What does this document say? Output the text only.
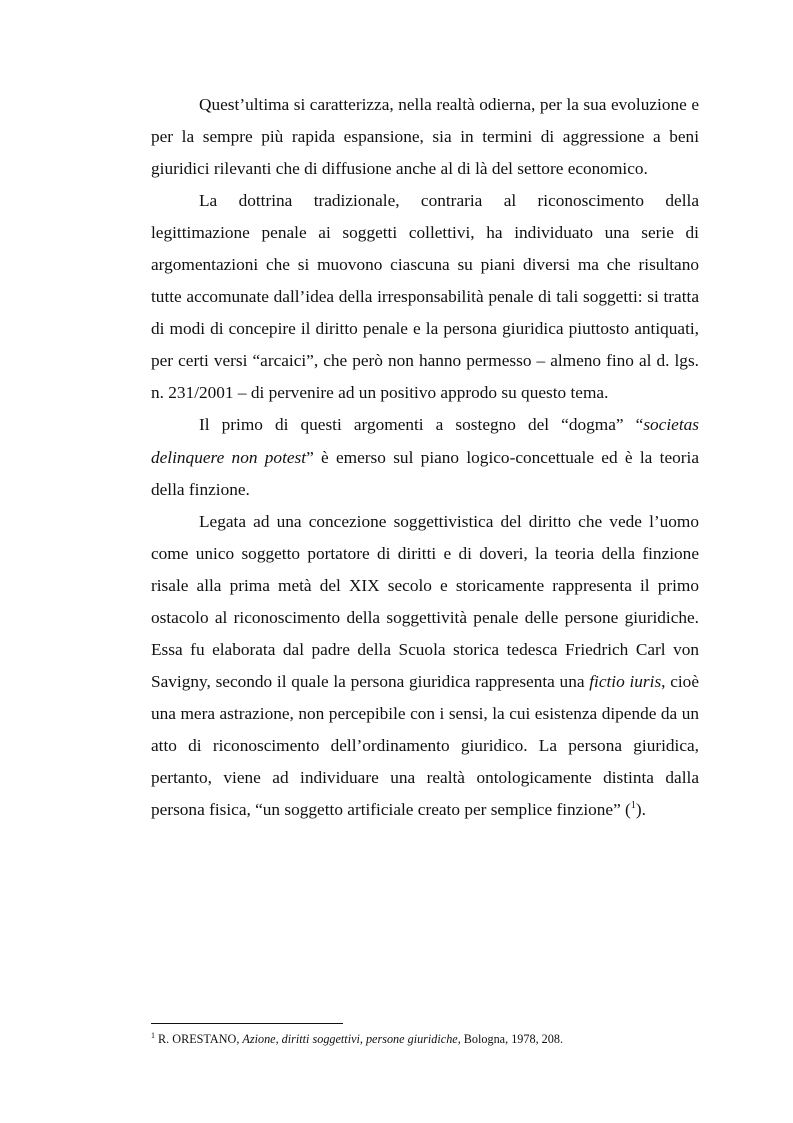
Quest’ultima si caratterizza, nella realtà odierna, per la sua evoluzione e per la sempre più rapida espansione, sia in termini di aggressione a beni giuridici rilevanti che di diffusione anche al di là del settore economico.

La dottrina tradizionale, contraria al riconoscimento della legittimazione penale ai soggetti collettivi, ha individuato una serie di argomentazioni che si muovono ciascuna su piani diversi ma che risultano tutte accomunate dall’idea della irresponsabilità penale di tali soggetti: si tratta di modi di concepire il diritto penale e la persona giuridica piuttosto antiquati, per certi versi “arcaici”, che però non hanno permesso – almeno fino al d. lgs. n. 231/2001 – di pervenire ad un positivo approdo su questo tema.

Il primo di questi argomenti a sostegno del “dogma” “societas delinquere non potest” è emerso sul piano logico-concettuale ed è la teoria della finzione.

Legata ad una concezione soggettivistica del diritto che vede l’uomo come unico soggetto portatore di diritti e di doveri, la teoria della finzione risale alla prima metà del XIX secolo e storicamente rappresenta il primo ostacolo al riconoscimento della soggettività penale delle persone giuridiche. Essa fu elaborata dal padre della Scuola storica tedesca Friedrich Carl von Savigny, secondo il quale la persona giuridica rappresenta una fictio iuris, cioè una mera astrazione, non percepibile con i sensi, la cui esistenza dipende da un atto di riconoscimento dell’ordinamento giuridico. La persona giuridica, pertanto, viene ad individuare una realtà ontologicamente distinta dalla persona fisica, “un soggetto artificiale creato per semplice finzione” ($^1$).

$^1$ R. ORESTANO, Azione, diritti soggettivi, persone giuridiche, Bologna, 1978, 208.
